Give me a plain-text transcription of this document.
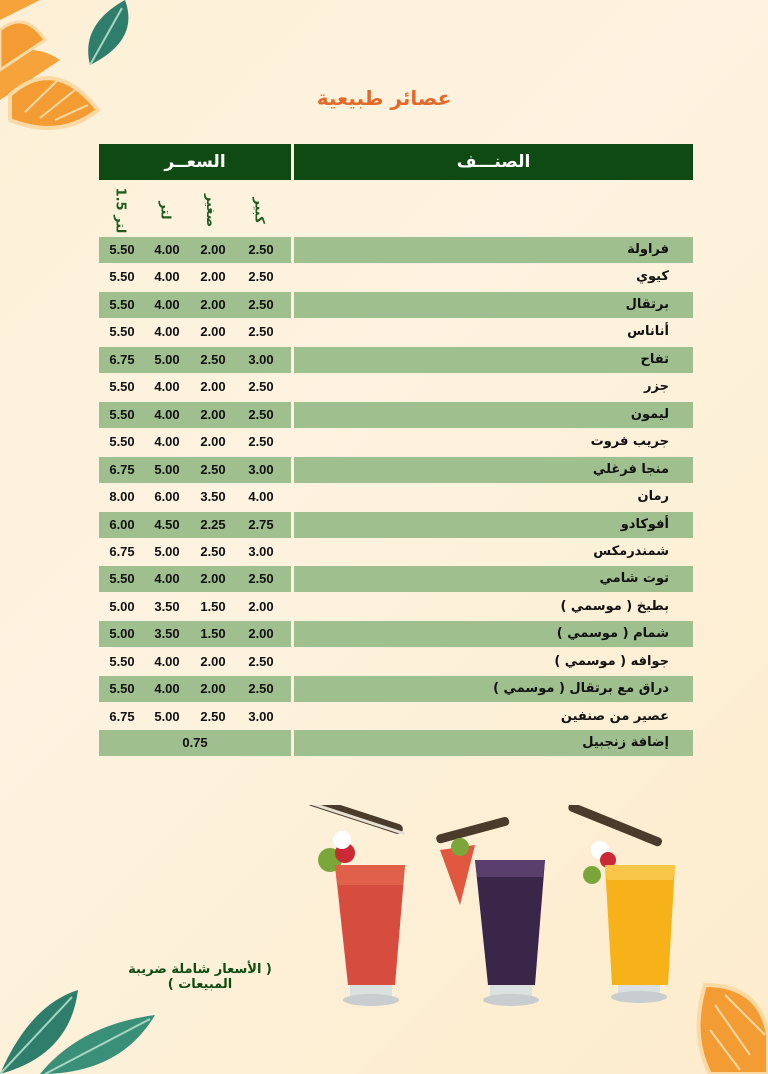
عصائر طبيعية
الصنـــف
السعــر
كبير
صغير
لتر
1.5 لتر
فراولة
2.50
2.00
4.00
5.50
كيوي
2.50
2.00
4.00
5.50
برتقال
2.50
2.00
4.00
5.50
أناناس
2.50
2.00
4.00
5.50
تفاح
3.00
2.50
5.00
6.75
جزر
2.50
2.00
4.00
5.50
ليمون
2.50
2.00
4.00
5.50
جريب فروت
2.50
2.00
4.00
5.50
منجا فرغلي
3.00
2.50
5.00
6.75
رمان
4.00
3.50
6.00
8.00
أفوكادو
2.75
2.25
4.50
6.00
شمندرمكس
3.00
2.50
5.00
6.75
توت شامي
2.50
2.00
4.00
5.50
بطيخ ( موسمي )
2.00
1.50
3.50
5.00
شمام ( موسمي )
2.00
1.50
3.50
5.00
جوافه ( موسمي )
2.50
2.00
4.00
5.50
دراق مع برتقال ( موسمي )
2.50
2.00
4.00
5.50
عصير من صنفين
3.00
2.50
5.00
6.75
إضافة زنجبيل
0.75
( الأسعار شاملة ضريبة المبيعات )
